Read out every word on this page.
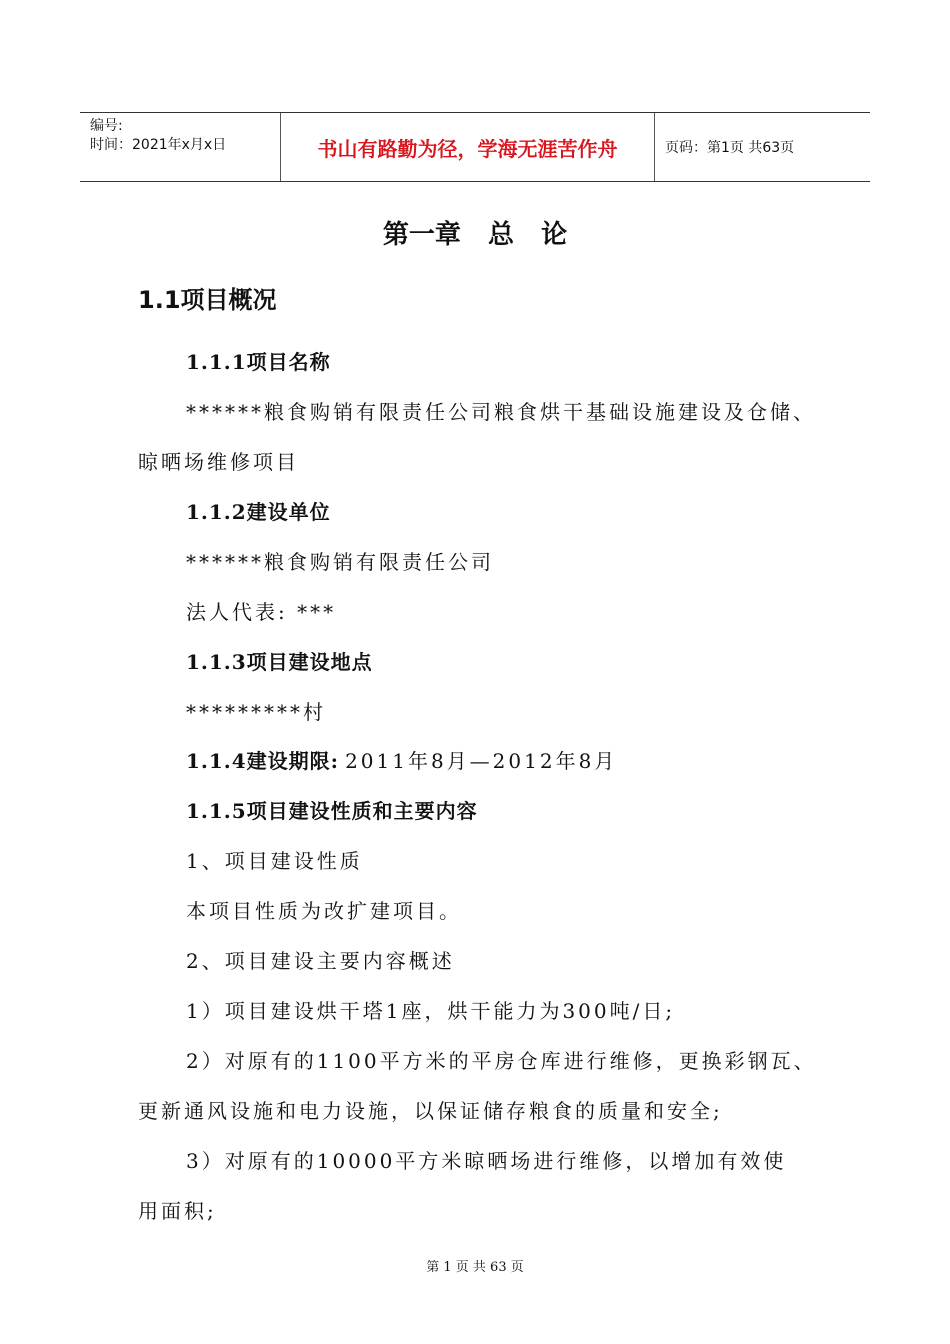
编号:
时间：2021年x月x日	书山有路勤为径，学海无涯苦作舟	页码：第1页 共63页
第一章   总   论
1.1项目概况
1.1.1项目名称
******粮食购销有限责任公司粮食烘干基础设施建设及仓储、
晾晒场维修项目
1.1.2建设单位
******粮食购销有限责任公司
法人代表: ***
1.1.3项目建设地点
*********村
1.1.4建设期限: 2011年8月—2012年8月
1.1.5项目建设性质和主要内容
1、项目建设性质
本项目性质为改扩建项目。
2、项目建设主要内容概述
1）项目建设烘干塔1座，烘干能力为300吨/日;
2）对原有的1100平方米的平房仓库进行维修，更换彩钢瓦、
更新通风设施和电力设施，以保证储存粮食的质量和安全;
3）对原有的10000平方米晾晒场进行维修，以增加有效使
用面积;
第 1 页 共 63 页
